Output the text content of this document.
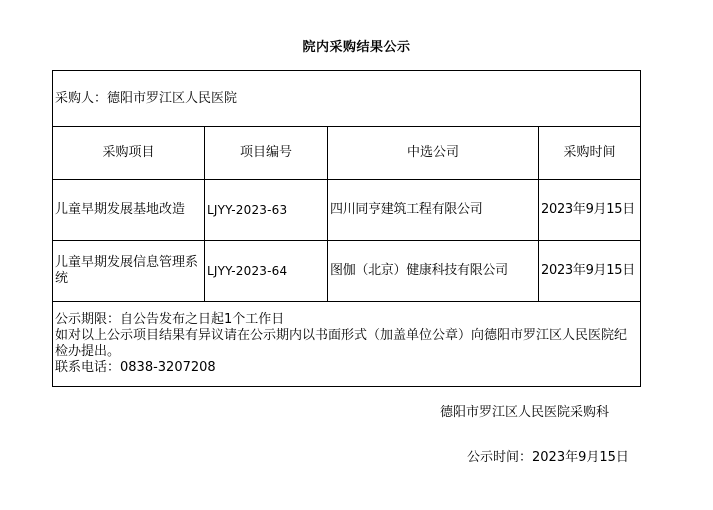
院内采购结果公示
采购人：德阳市罗江区人民医院			
采购项目	项目编号	中选公司	采购时间
儿童早期发展基地改造	LJYY-2023-63	四川同亨建筑工程有限公司	2023年9月15日
儿童早期发展信息管理系统	LJYY-2023-64	图伽（北京）健康科技有限公司	2023年9月15日

公示期限：自公告发布之日起1个工作日
如对以上公示项目结果有异议请在公示期内以书面形式（加盖单位公章）向德阳市罗江区人民医院纪检办提出。
联系电话：0838-3207208			
德阳市罗江区人民医院采购科
公示时间：2023年9月15日
